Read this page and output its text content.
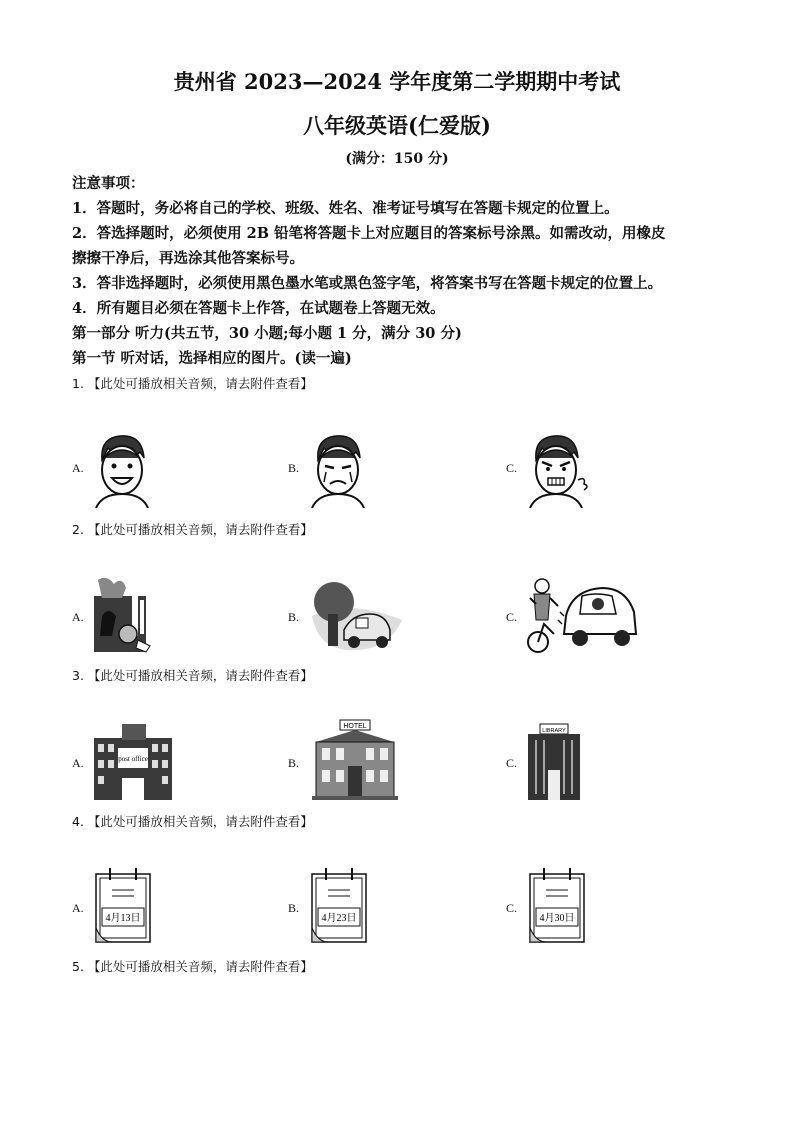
贵州省 2023—2024 学年度第二学期期中考试
八年级英语(仁爱版)
(满分：150 分)
注意事项：
1．答题时，务必将自己的学校、班级、姓名、准考证号填写在答题卡规定的位置上。
2．答选择题时，必须使用 2B 铅笔将答题卡上对应题目的答案标号涂黑。如需改动，用橡皮
擦擦干净后，再选涂其他答案标号。
3．答非选择题时，必须使用黑色墨水笔或黑色签字笔，将答案书写在答题卡规定的位置上。
4．所有题目必须在答题卡上作答，在试题卷上答题无效。
第一部分 听力(共五节，30 小题;每小题 1 分，满分 30 分)
第一节 听对话，选择相应的图片。(读一遍)
1. 【此处可播放相关音频，请去附件查看】
A.	B.	C.
2. 【此处可播放相关音频，请去附件查看】
A.	B.	C.
3. 【此处可播放相关音频，请去附件查看】
A.	post office	B.
HOTEL
C.
LIBRARY
4. 【此处可播放相关音频，请去附件查看】
A.
4月13日
B.
4月23日
C.
4月30日
5. 【此处可播放相关音频，请去附件查看】
